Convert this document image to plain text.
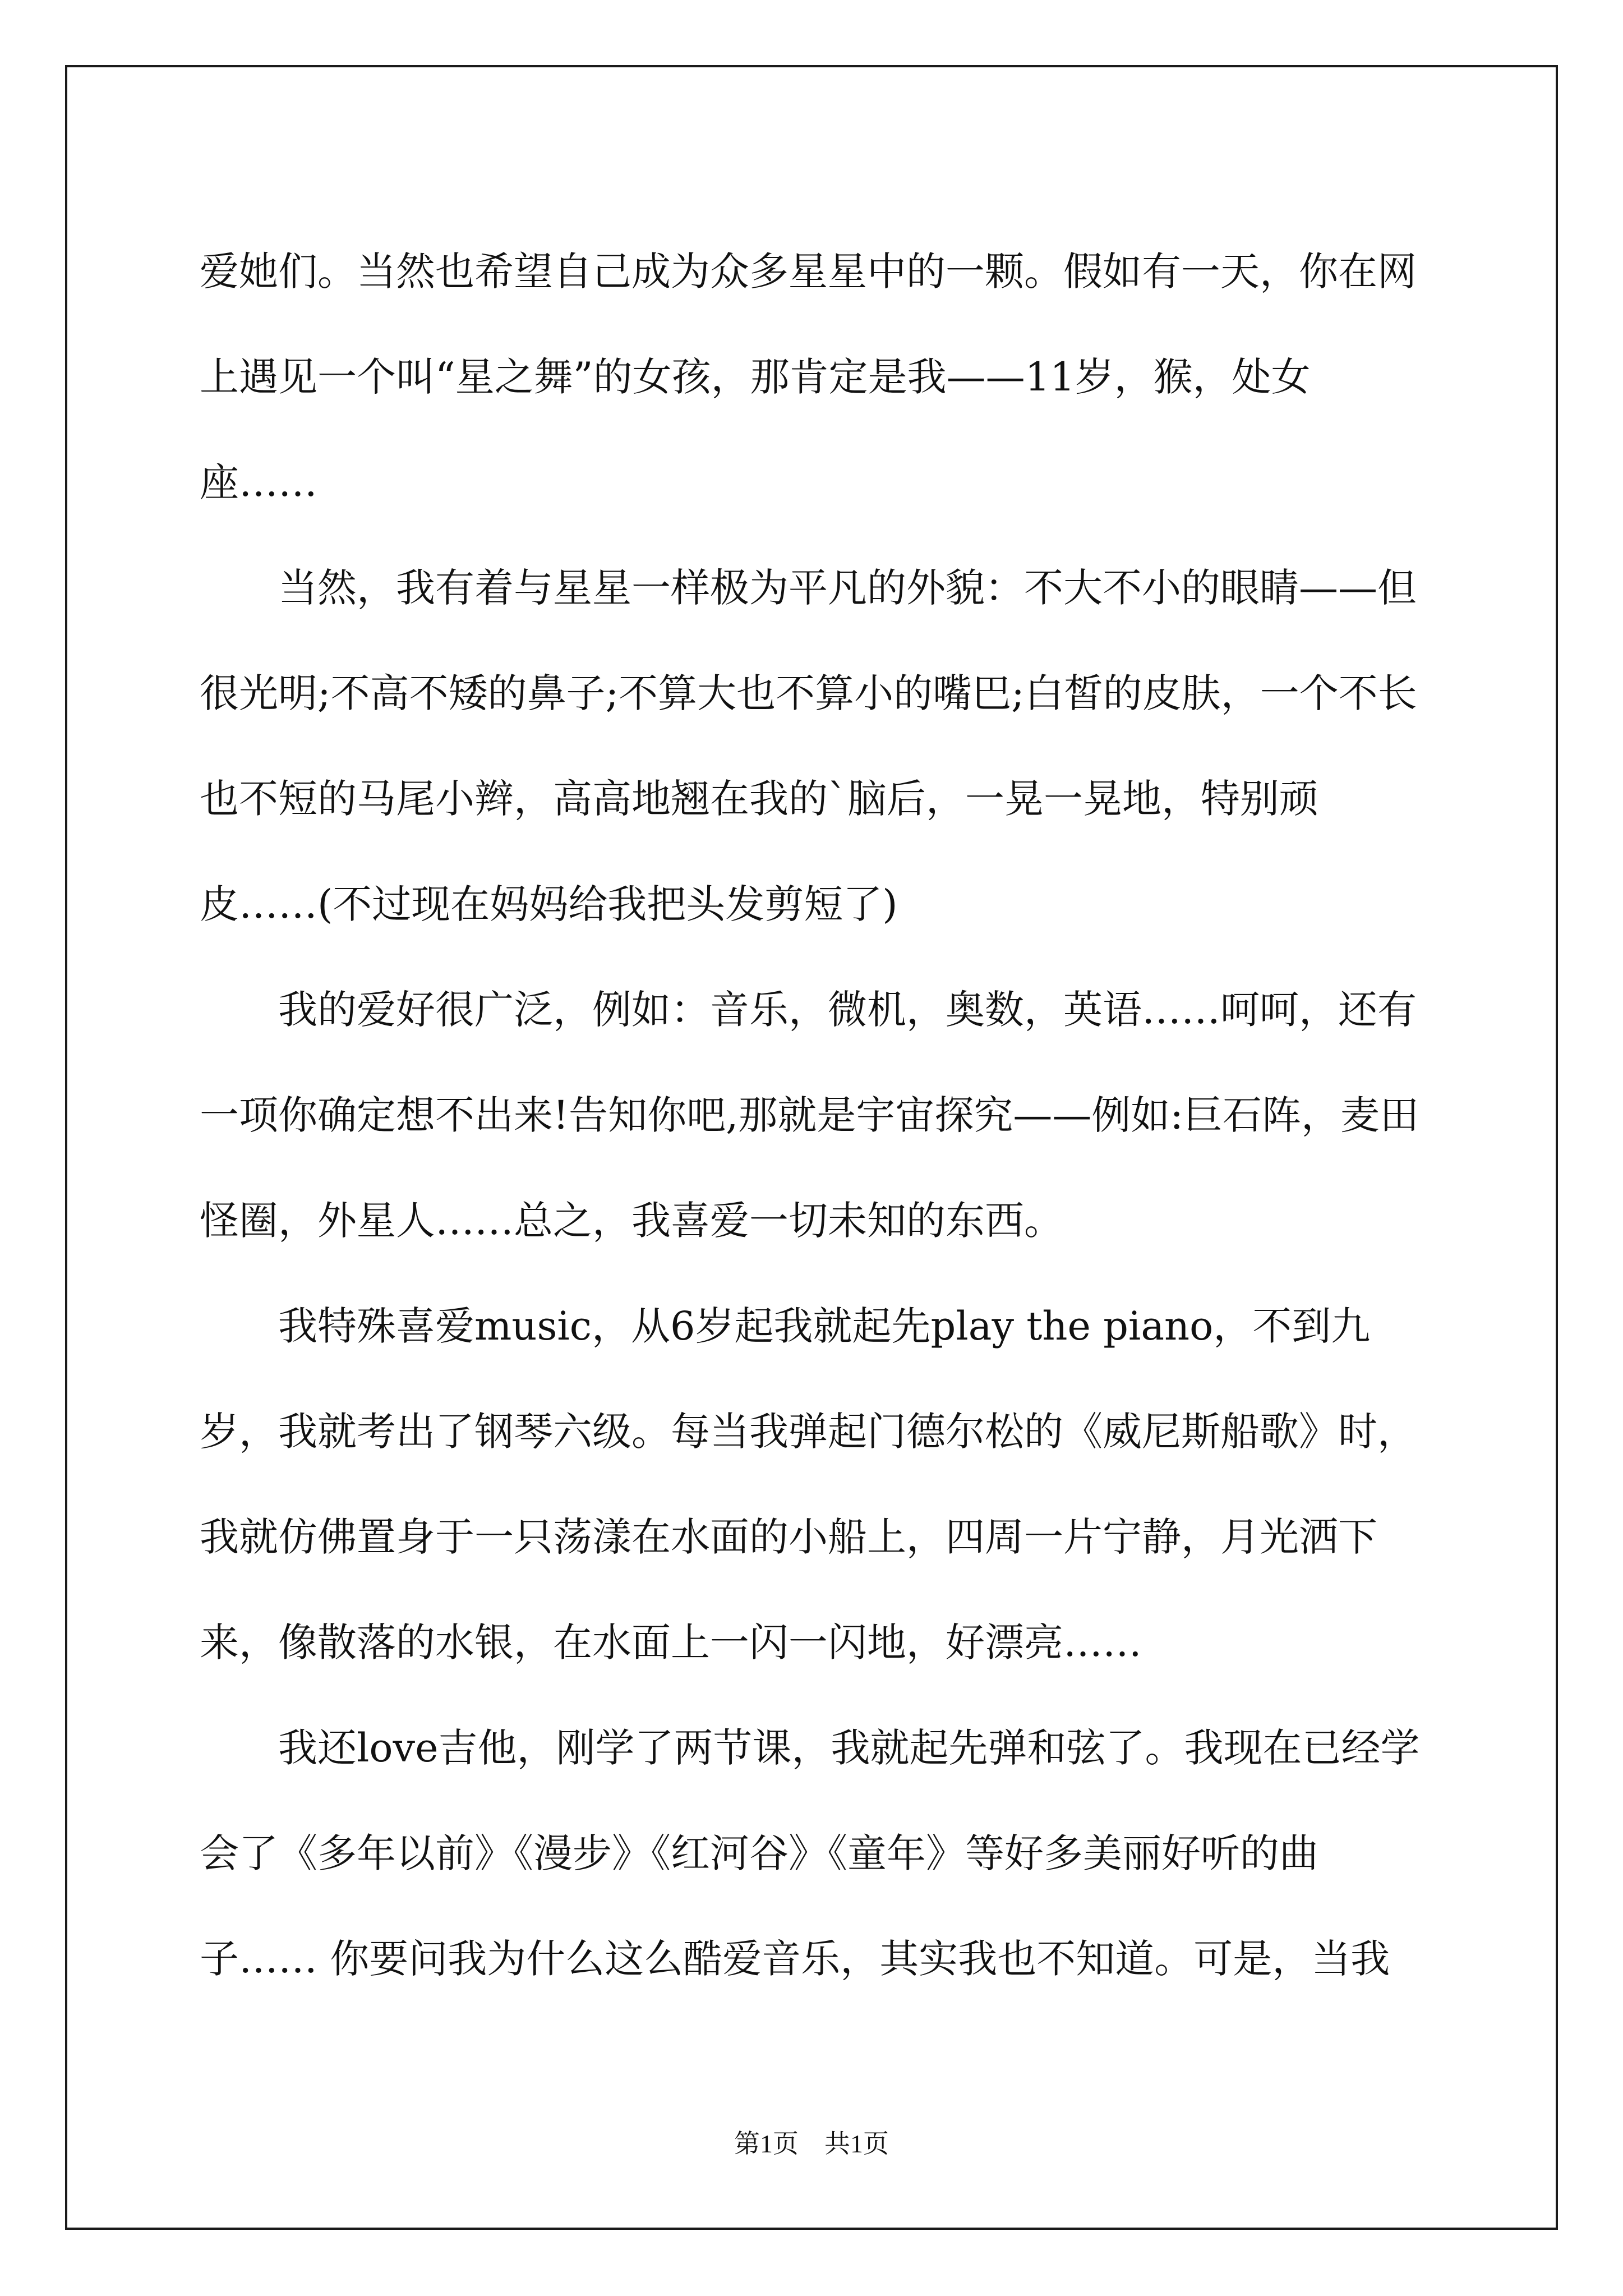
爱她们。当然也希望自己成为众多星星中的一颗。假如有一天，你在网上遇见一个叫“星之舞”的女孩，那肯定是我——11岁，猴，处女座……

当然，我有着与星星一样极为平凡的外貌：不大不小的眼睛——但很光明;不高不矮的鼻子;不算大也不算小的嘴巴;白皙的皮肤，一个不长也不短的马尾小辫，高高地翘在我的`脑后，一晃一晃地，特别顽皮……(不过现在妈妈给我把头发剪短了)

我的爱好很广泛，例如：音乐，微机，奥数，英语……呵呵，还有一项你确定想不出来!告知你吧,那就是宇宙探究——例如:巨石阵，麦田怪圈，外星人……总之，我喜爱一切未知的东西。

我特殊喜爱music，从6岁起我就起先play the piano，不到九岁，我就考出了钢琴六级。每当我弹起门德尔松的《威尼斯船歌》时，我就仿佛置身于一只荡漾在水面的小船上，四周一片宁静，月光洒下来，像散落的水银，在水面上一闪一闪地，好漂亮……

我还love吉他，刚学了两节课，我就起先弹和弦了。我现在已经学会了《多年以前》《漫步》《红河谷》《童年》等好多美丽好听的曲子…… 你要问我为什么这么酷爱音乐，其实我也不知道。可是，当我

第1页　共1页
